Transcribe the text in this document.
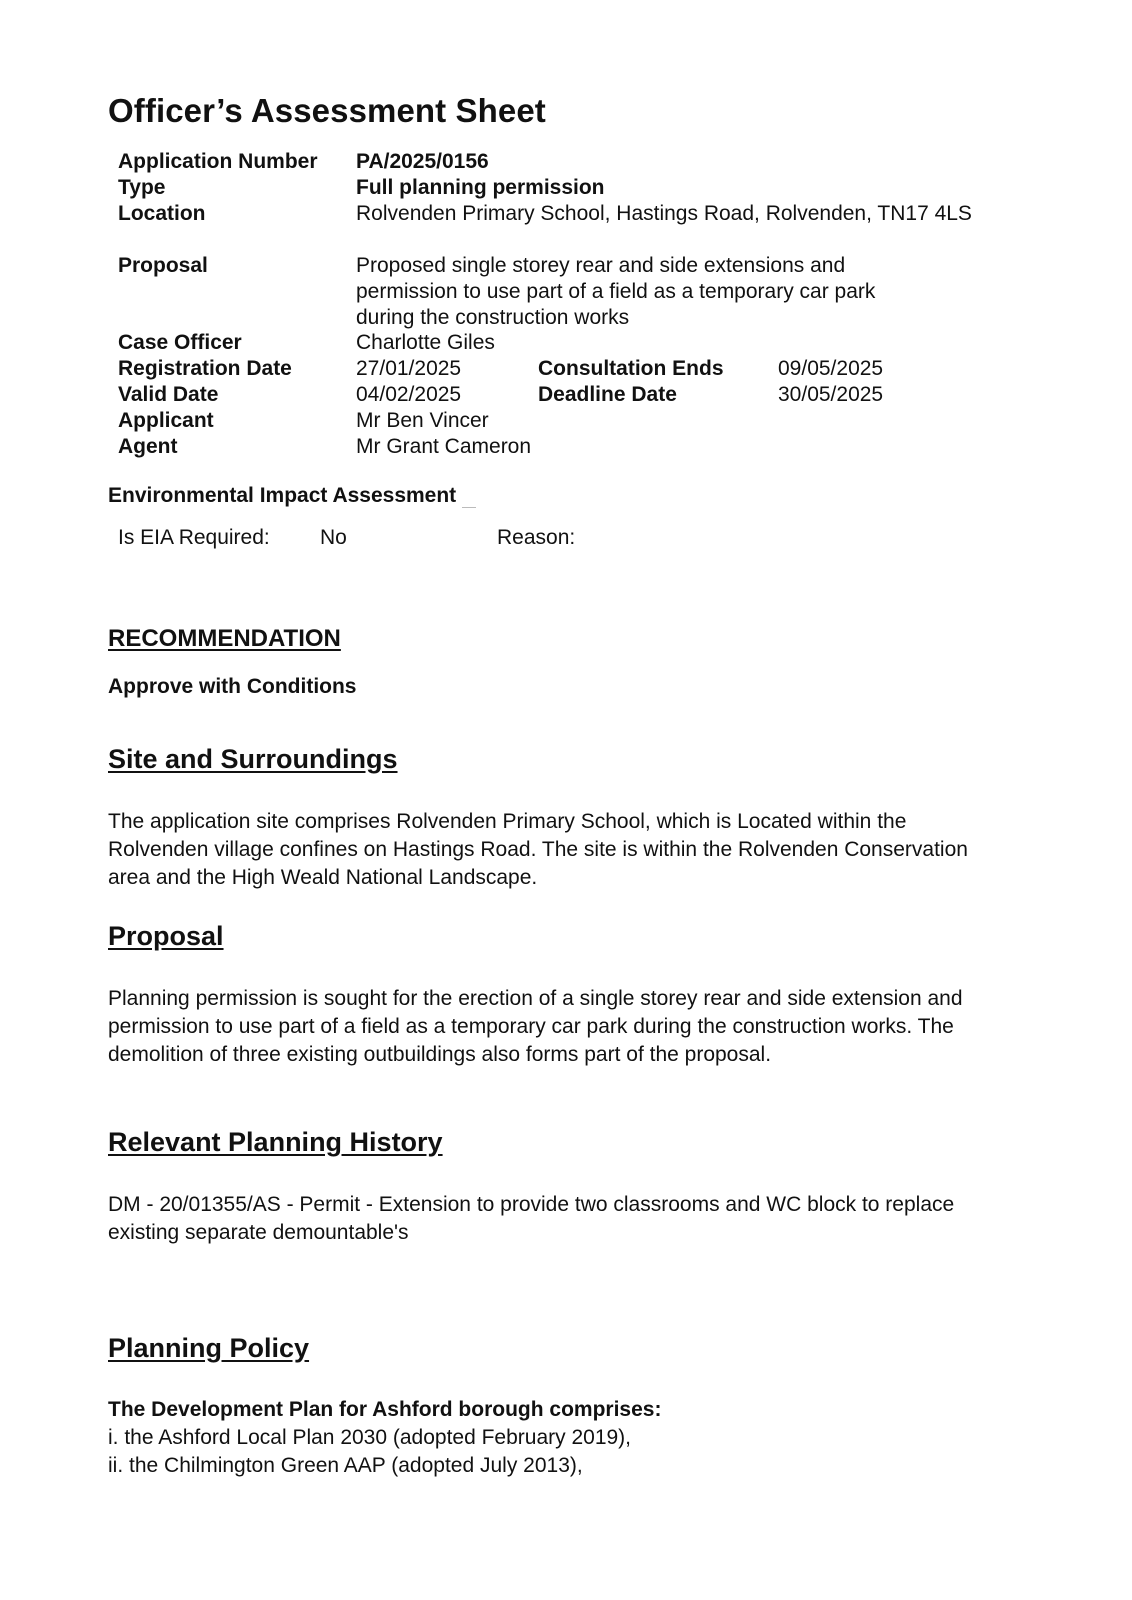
Officer’s Assessment Sheet
Application Number PA/2025/0156
Type	Full planning permission
Location	Rolvenden Primary School, Hastings Road, Rolvenden, TN17 4LS
Proposal	Proposed single storey rear and side extensions and permission to use part of a field as a temporary car park during the construction works
Case Officer	Charlotte Giles
Registration Date	27/01/2025	Consultation Ends	09/05/2025
Valid Date	04/02/2025	Deadline Date	30/05/2025
Applicant	Mr Ben Vincer
Agent	Mr Grant Cameron
Environmental Impact Assessment
Is EIA Required: No	Reason:
RECOMMENDATION
Approve with Conditions
Site and Surroundings
The application site comprises Rolvenden Primary School, which is Located within the Rolvenden village confines on Hastings Road. The site is within the Rolvenden Conservation area and the High Weald National Landscape.
Proposal
Planning permission is sought for the erection of a single storey rear and side extension and permission to use part of a field as a temporary car park during the construction works. The demolition of three existing outbuildings also forms part of the proposal.
Relevant Planning History
DM - 20/01355/AS - Permit - Extension to provide two classrooms and WC block to replace existing separate demountable's
Planning Policy
The Development Plan for Ashford borough comprises:
i. the Ashford Local Plan 2030 (adopted February 2019),
ii. the Chilmington Green AAP (adopted July 2013),
